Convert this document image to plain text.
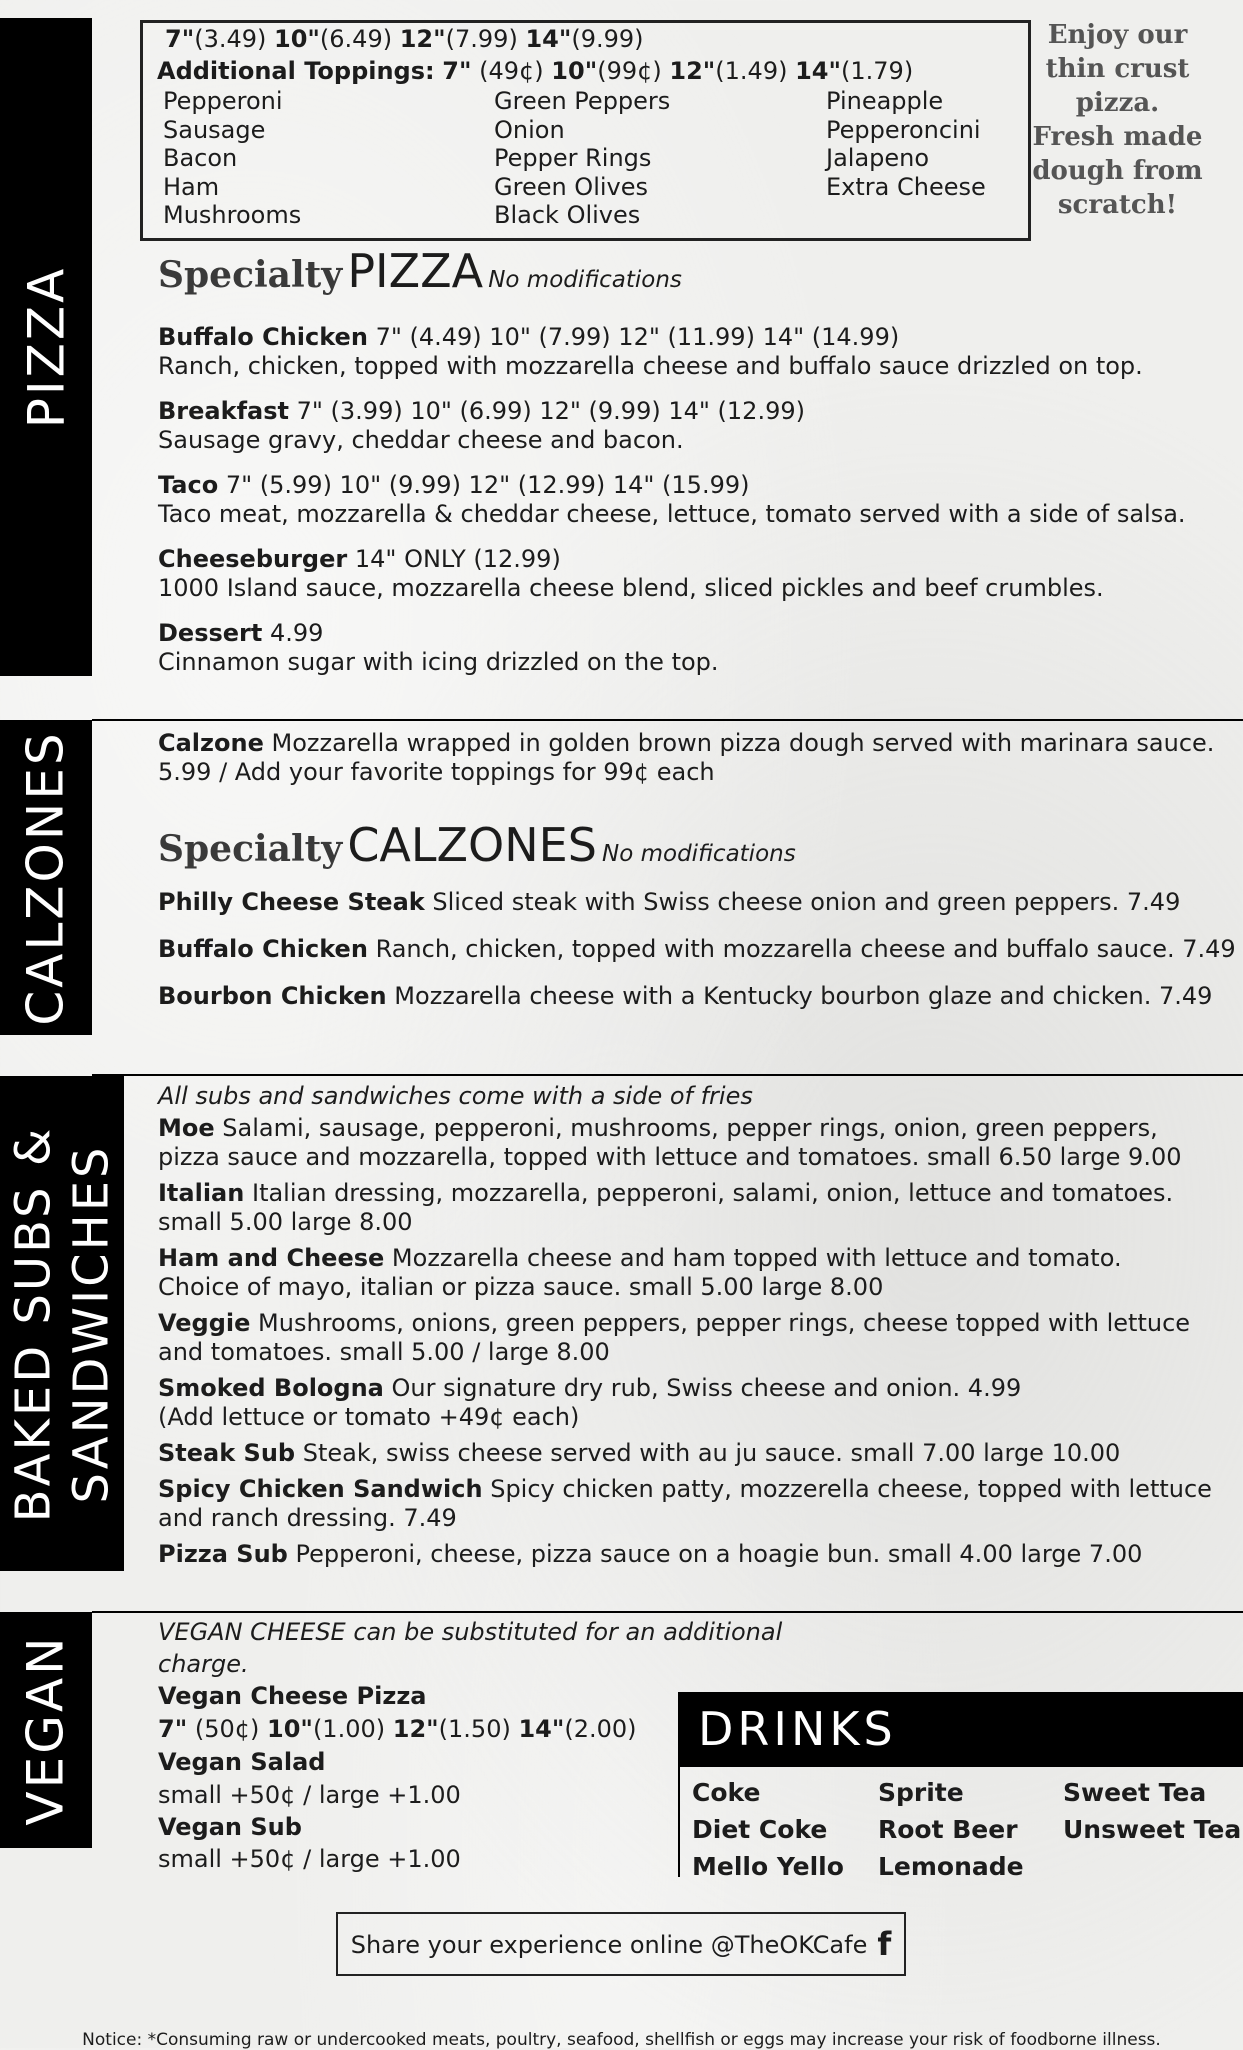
PIZZA
7"(3.49) 10"(6.49) 12"(7.99) 14"(9.99)
Additional Toppings: 7" (49¢) 10"(99¢) 12"(1.49) 14"(1.79)
Pepperoni
Sausage
Bacon
Ham
Mushrooms
Green Peppers
Onion
Pepper Rings
Green Olives
Black Olives
Pineapple
Pepperoncini
Jalapeno
Extra Cheese
Enjoy our
thin crust
pizza.
Fresh made
dough from
scratch!
Specialty PIZZA No modifications
Buffalo Chicken 7" (4.49) 10" (7.99) 12" (11.99) 14" (14.99)
Ranch, chicken, topped with mozzarella cheese and buffalo sauce drizzled on top.
Breakfast 7" (3.99) 10" (6.99) 12" (9.99) 14" (12.99)
Sausage gravy, cheddar cheese and bacon.
Taco 7" (5.99) 10" (9.99) 12" (12.99) 14" (15.99)
Taco meat, mozzarella & cheddar cheese, lettuce, tomato served with a side of salsa.
Cheeseburger 14" ONLY (12.99)
1000 Island sauce, mozzarella cheese blend, sliced pickles and beef crumbles.
Dessert 4.99
Cinnamon sugar with icing drizzled on the top.
CALZONES	Calzone Mozzarella wrapped in golden brown pizza dough served with marinara sauce.
5.99 / Add your favorite toppings for 99¢ each
Specialty CALZONES No modifications
Philly Cheese Steak Sliced steak with Swiss cheese onion and green peppers. 7.49
Buffalo Chicken Ranch, chicken, topped with mozzarella cheese and buffalo sauce. 7.49
Bourbon Chicken Mozzarella cheese with a Kentucky bourbon glaze and chicken. 7.49
BAKED SUBS & SANDWICHES
All subs and sandwiches come with a side of fries
Moe Salami, sausage, pepperoni, mushrooms, pepper rings, onion, green peppers,
pizza sauce and mozzarella, topped with lettuce and tomatoes. small 6.50 large 9.00
Italian Italian dressing, mozzarella, pepperoni, salami, onion, lettuce and tomatoes.
small 5.00 large 8.00
Ham and Cheese Mozzarella cheese and ham topped with lettuce and tomato.
Choice of mayo, italian or pizza sauce. small 5.00 large 8.00
Veggie Mushrooms, onions, green peppers, pepper rings, cheese topped with lettuce
and tomatoes. small 5.00 / large 8.00
Smoked Bologna Our signature dry rub, Swiss cheese and onion. 4.99
(Add lettuce or tomato +49¢ each)
Steak Sub Steak, swiss cheese served with au ju sauce. small 7.00 large 10.00
Spicy Chicken Sandwich Spicy chicken patty, mozzerella cheese, topped with lettuce
and ranch dressing. 7.49
Pizza Sub Pepperoni, cheese, pizza sauce on a hoagie bun. small 4.00 large 7.00
VEGAN
VEGAN CHEESE can be substituted for an additional charge.
Vegan Cheese Pizza
7" (50¢) 10"(1.00) 12"(1.50) 14"(2.00)
Vegan Salad
small +50¢ / large +1.00
Vegan Sub
small +50¢ / large +1.00
DRINKS
Coke
Diet Coke
Mello Yello
Sprite
Root Beer
Lemonade
Sweet Tea
Unsweet Tea
Share your experience online @TheOKCafe f
Notice: *Consuming raw or undercooked meats, poultry, seafood, shellfish or eggs may increase your risk of foodborne illness.
